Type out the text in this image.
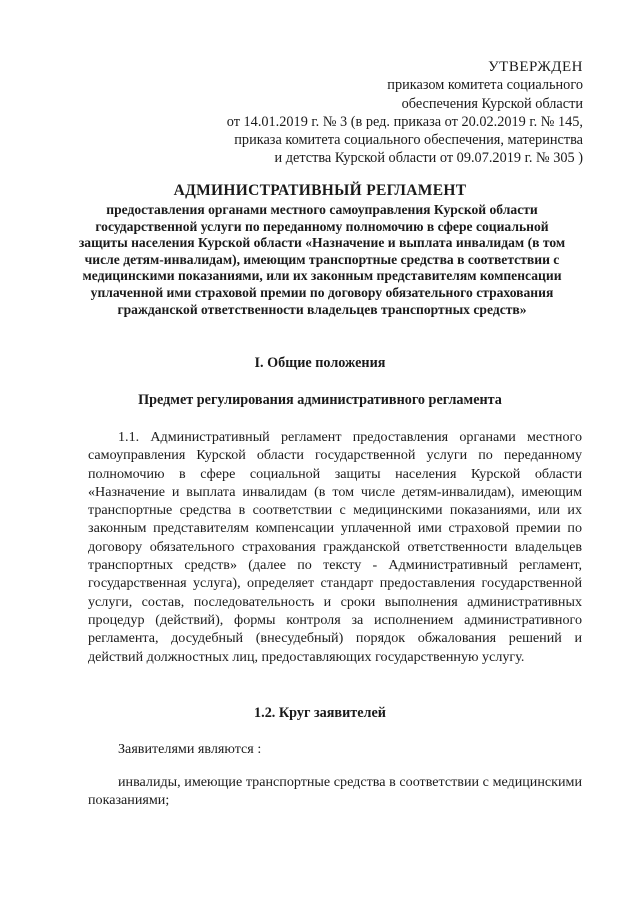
УТВЕРЖДЕН
приказом комитета социального
обеспечения Курской области
от 14.01.2019 г. № 3 (в ред. приказа от 20.02.2019 г. № 145,
приказа комитета социального обеспечения, материнства
и детства Курской области от 09.07.2019 г. № 305 )
АДМИНИСТРАТИВНЫЙ РЕГЛАМЕНТ
предоставления органами местного самоуправления Курской области государственной услуги по переданному полномочию в сфере социальной защиты населения Курской области «Назначение и выплата инвалидам (в том числе детям-инвалидам), имеющим транспортные средства в соответствии с медицинскими показаниями, или их законным представителям компенсации уплаченной ими страховой премии по договору обязательного страхования гражданской ответственности владельцев транспортных средств»
I. Общие положения
Предмет регулирования административного регламента
1.1. Административный регламент предоставления органами местного самоуправления Курской области государственной услуги по переданному полномочию в сфере социальной защиты населения Курской области «Назначение и выплата инвалидам (в том числе детям-инвалидам), имеющим транспортные средства в соответствии с медицинскими показаниями, или их законным представителям компенсации уплаченной ими страховой премии по договору обязательного страхования гражданской ответственности владельцев транспортных средств» (далее по тексту - Административный регламент, государственная услуга), определяет стандарт предоставления государственной услуги, состав, последовательность и сроки выполнения административных процедур (действий), формы контроля за исполнением административного регламента, досудебный (внесудебный) порядок обжалования решений и действий должностных лиц, предоставляющих государственную услугу.
1.2. Круг заявителей
Заявителями являются :
инвалиды, имеющие транспортные средства в соответствии с медицинскими показаниями;
